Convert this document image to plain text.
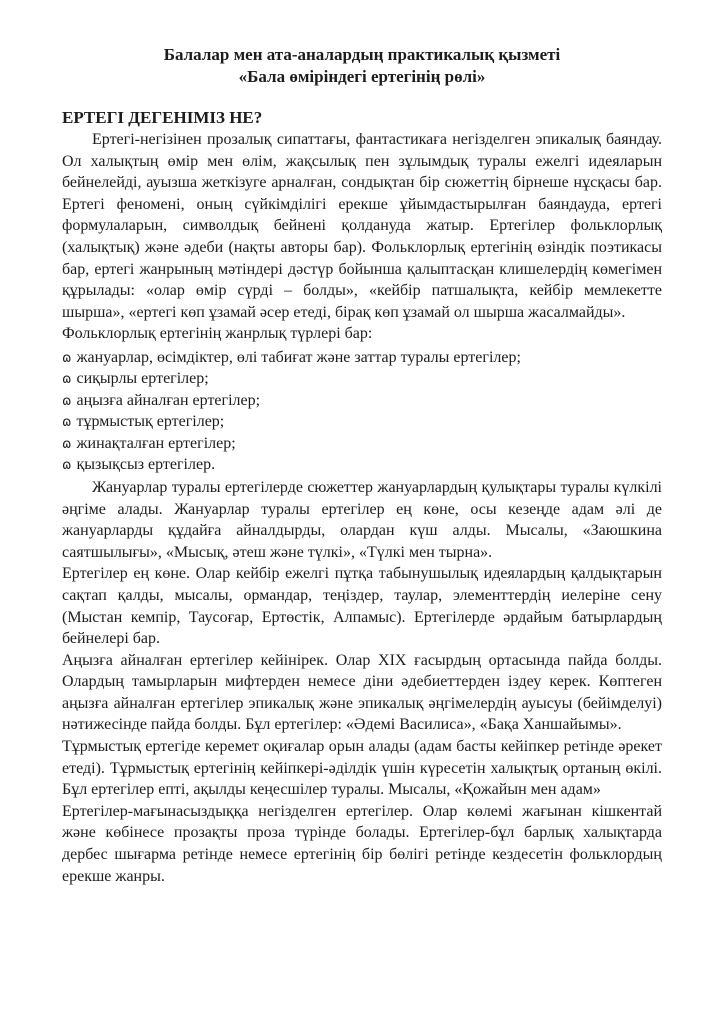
Балалар мен ата-аналардың практикалық қызметі
«Бала өміріндегі ертегінің рөлі»
ЕРТЕГІ ДЕГЕНІМІЗ НЕ?

Ертегі-негізінен прозалық сипаттағы, фантастикаға негізделген эпикалық баяндау. Ол халықтың өмір мен өлім, жақсылық пен зұлымдық туралы ежелгі идеяларын бейнелейді, ауызша жеткізуге арналған, сондықтан бір сюжеттің бірнеше нұсқасы бар. Ертегі феномені, оның сүйкімділігі ерекше ұйымдастырылған баяндауда, ертегі формулаларын, символдық бейнені қолдануда жатыр. Ертегілер фольклорлық (халықтық) және әдеби (нақты авторы бар). Фольклорлық ертегінің өзіндік поэтикасы бар, ертегі жанрының мәтіндері дәстүр бойынша қалыптасқан клишелердің көмегімен құрылады: «олар өмір сүрді – болды», «кейбір патшалықта, кейбір мемлекетте шырша», «ертегі көп ұзамай әсер етеді, бірақ көп ұзамай ол шырша жасалмайды».

Фольклорлық ертегінің жанрлық түрлері бар:

ɷ жануарлар, өсімдіктер, өлі табиғат және заттар туралы ертегілер;
ɷ сиқырлы ертегілер;
ɷ аңызға айналған ертегілер;
ɷ тұрмыстық ертегілер;
ɷ жинақталған ертегілер;
ɷ қызықсыз ертегілер.

Жануарлар туралы ертегілерде сюжеттер жануарлардың қулықтары туралы күлкілі әңгіме алады. Жануарлар туралы ертегілер ең көне, осы кезеңде адам әлі де жануарларды құдайға айналдырды, олардан күш алды. Мысалы, «Заюшкина саятшылығы», «Мысық, әтеш және түлкі», «Түлкі мен тырна».

Ертегілер ең көне. Олар кейбір ежелгі пұтқа табынушылық идеялардың қалдықтарын сақтап қалды, мысалы, ормандар, теңіздер, таулар, элементтердің иелеріне сену (Мыстан кемпір, Таусоғар, Ертөстік, Алпамыс). Ертегілерде әрдайым батырлардың бейнелері бар.

Аңызға айналған ертегілер кейінірек. Олар XIX ғасырдың ортасында пайда болды. Олардың тамырларын мифтерден немесе діни әдебиеттерден іздеу керек. Көптеген аңызға айналған ертегілер эпикалық және эпикалық әңгімелердің ауысуы (бейімделуі) нәтижесінде пайда болды. Бұл ертегілер: «Әдемі Василиса», «Бақа Ханшайымы».

Тұрмыстық ертегіде керемет оқиғалар орын алады (адам басты кейіпкер ретінде әрекет етеді). Тұрмыстық ертегінің кейіпкері-әділдік үшін күресетін халықтық ортаның өкілі. Бұл ертегілер епті, ақылды кеңесшілер туралы. Мысалы, «Қожайын мен адам»

Ертегілер-мағынасыздыққа негізделген ертегілер. Олар көлемі жағынан кішкентай және көбінесе прозақты проза түрінде болады. Ертегілер-бұл барлық халықтарда дербес шығарма ретінде немесе ертегінің бір бөлігі ретінде кездесетін фольклордың ерекше жанры.
